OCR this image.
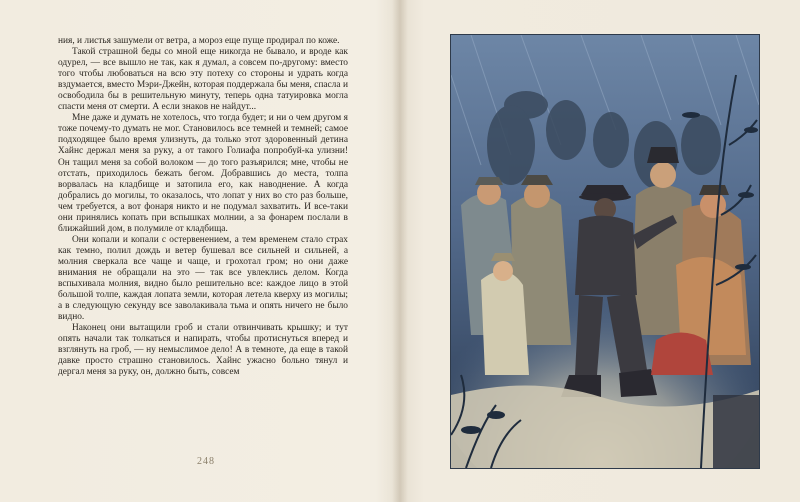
ния, и листья зашумели от ветра, а мороз еще пуще продирал по коже.

Такой страшной беды со мной еще никогда не бывало, и вроде как одурел, — все вышло не так, как я думал, а совсем по-другому: вместо того чтобы любоваться на всю эту потеху со стороны и удрать когда вздумается, вместо Мэри-Джейн, которая поддержала бы меня, спасла и освободила бы в решительную минуту, теперь одна татуировка могла спасти меня от смерти. А если знаков не найдут...

Мне даже и думать не хотелось, что тогда будет; и ни о чем другом я тоже почему-то думать не мог. Становилось все темней и темней; самое подходящее было время улизнуть, да только этот здоровенный детина Хайнс держал меня за руку, а от такого Голиафа попробуй-ка улизни! Он тащил меня за собой волоком — до того разъярился; мне, чтобы не отстать, приходилось бежать бегом. Добравшись до места, толпа ворвалась на кладбище и затопила его, как наводнение. А когда добрались до могилы, то оказалось, что лопат у них во сто раз больше, чем требуется, а вот фонаря никто и не подумал захватить. И все-таки они принялись копать при вспышках молнии, а за фонарем послали в ближайший дом, в полумиле от кладбища.

Они копали и копали с остервенением, а тем временем стало страх как темно, полил дождь и ветер бушевал все сильней и сильней, а молния сверкала все чаще и чаще, и грохотал гром; но они даже внимания не обращали на это — так все увлеклись делом. Когда вспыхивала молния, видно было решительно все: каждое лицо в этой большой толпе, каждая лопата земли, которая летела кверху из могилы; а в следующую секунду все заволакивала тьма и опять ничего не было видно.

Наконец они вытащили гроб и стали отвинчивать крышку; и тут опять начали так толкаться и напирать, чтобы протиснуться вперед и взглянуть на гроб, — ну немыслимое дело! А в темноте, да еще в такой давке просто страшно становилось. Хайнс ужасно больно тянул и дергал меня за руку, он, должно быть, совсем

248
